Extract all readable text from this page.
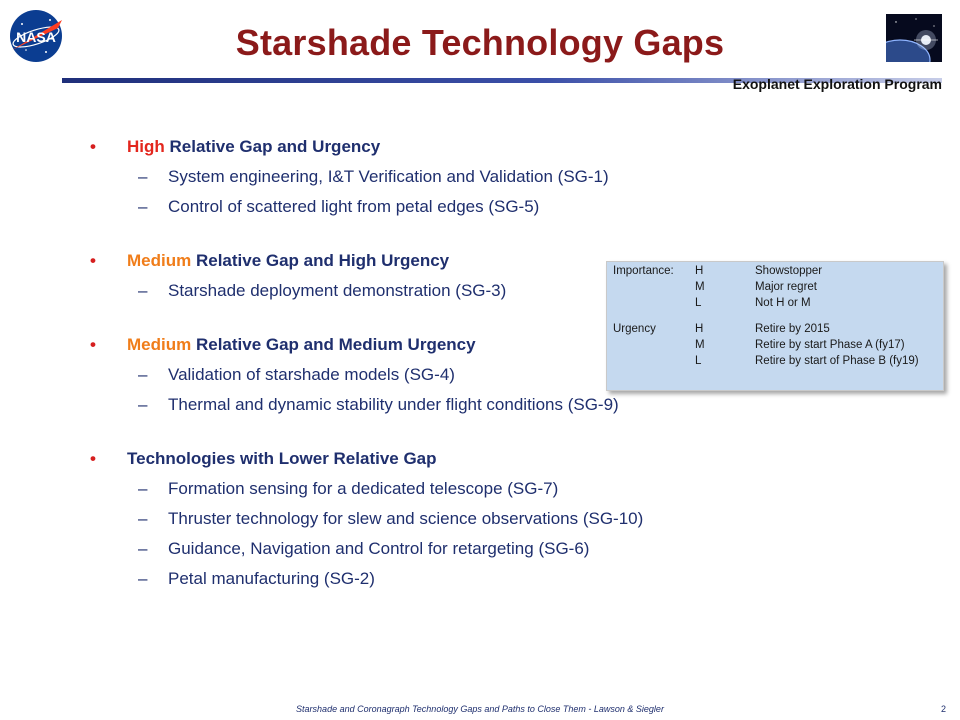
NASA	Starshade Technology Gaps
Exoplanet Exploration Program
• High Relative Gap and Urgency
– System engineering, I&T Verification and Validation (SG-1)
– Control of scattered light from petal edges (SG-5)
• Medium Relative Gap and High Urgency
– Starshade deployment demonstration (SG-3)
• Medium Relative Gap and Medium Urgency
– Validation of starshade models (SG-4)
– Thermal and dynamic stability under flight conditions (SG-9)
• Technologies with Lower Relative Gap
– Formation sensing for a dedicated telescope (SG-7)
– Thruster technology for slew and science observations (SG-10)
– Guidance, Navigation and Control for retargeting (SG-6)
– Petal manufacturing (SG-2)
Importance:	H	Showstopper
	M	Major regret
	L	Not H or M

Urgency	H	Retire by 2015
	M	Retire by start Phase A (fy17)
	L	Retire by start of Phase B (fy19)
Starshade and Coronagraph Technology Gaps and Paths to Close Them - Lawson & Siegler	2
